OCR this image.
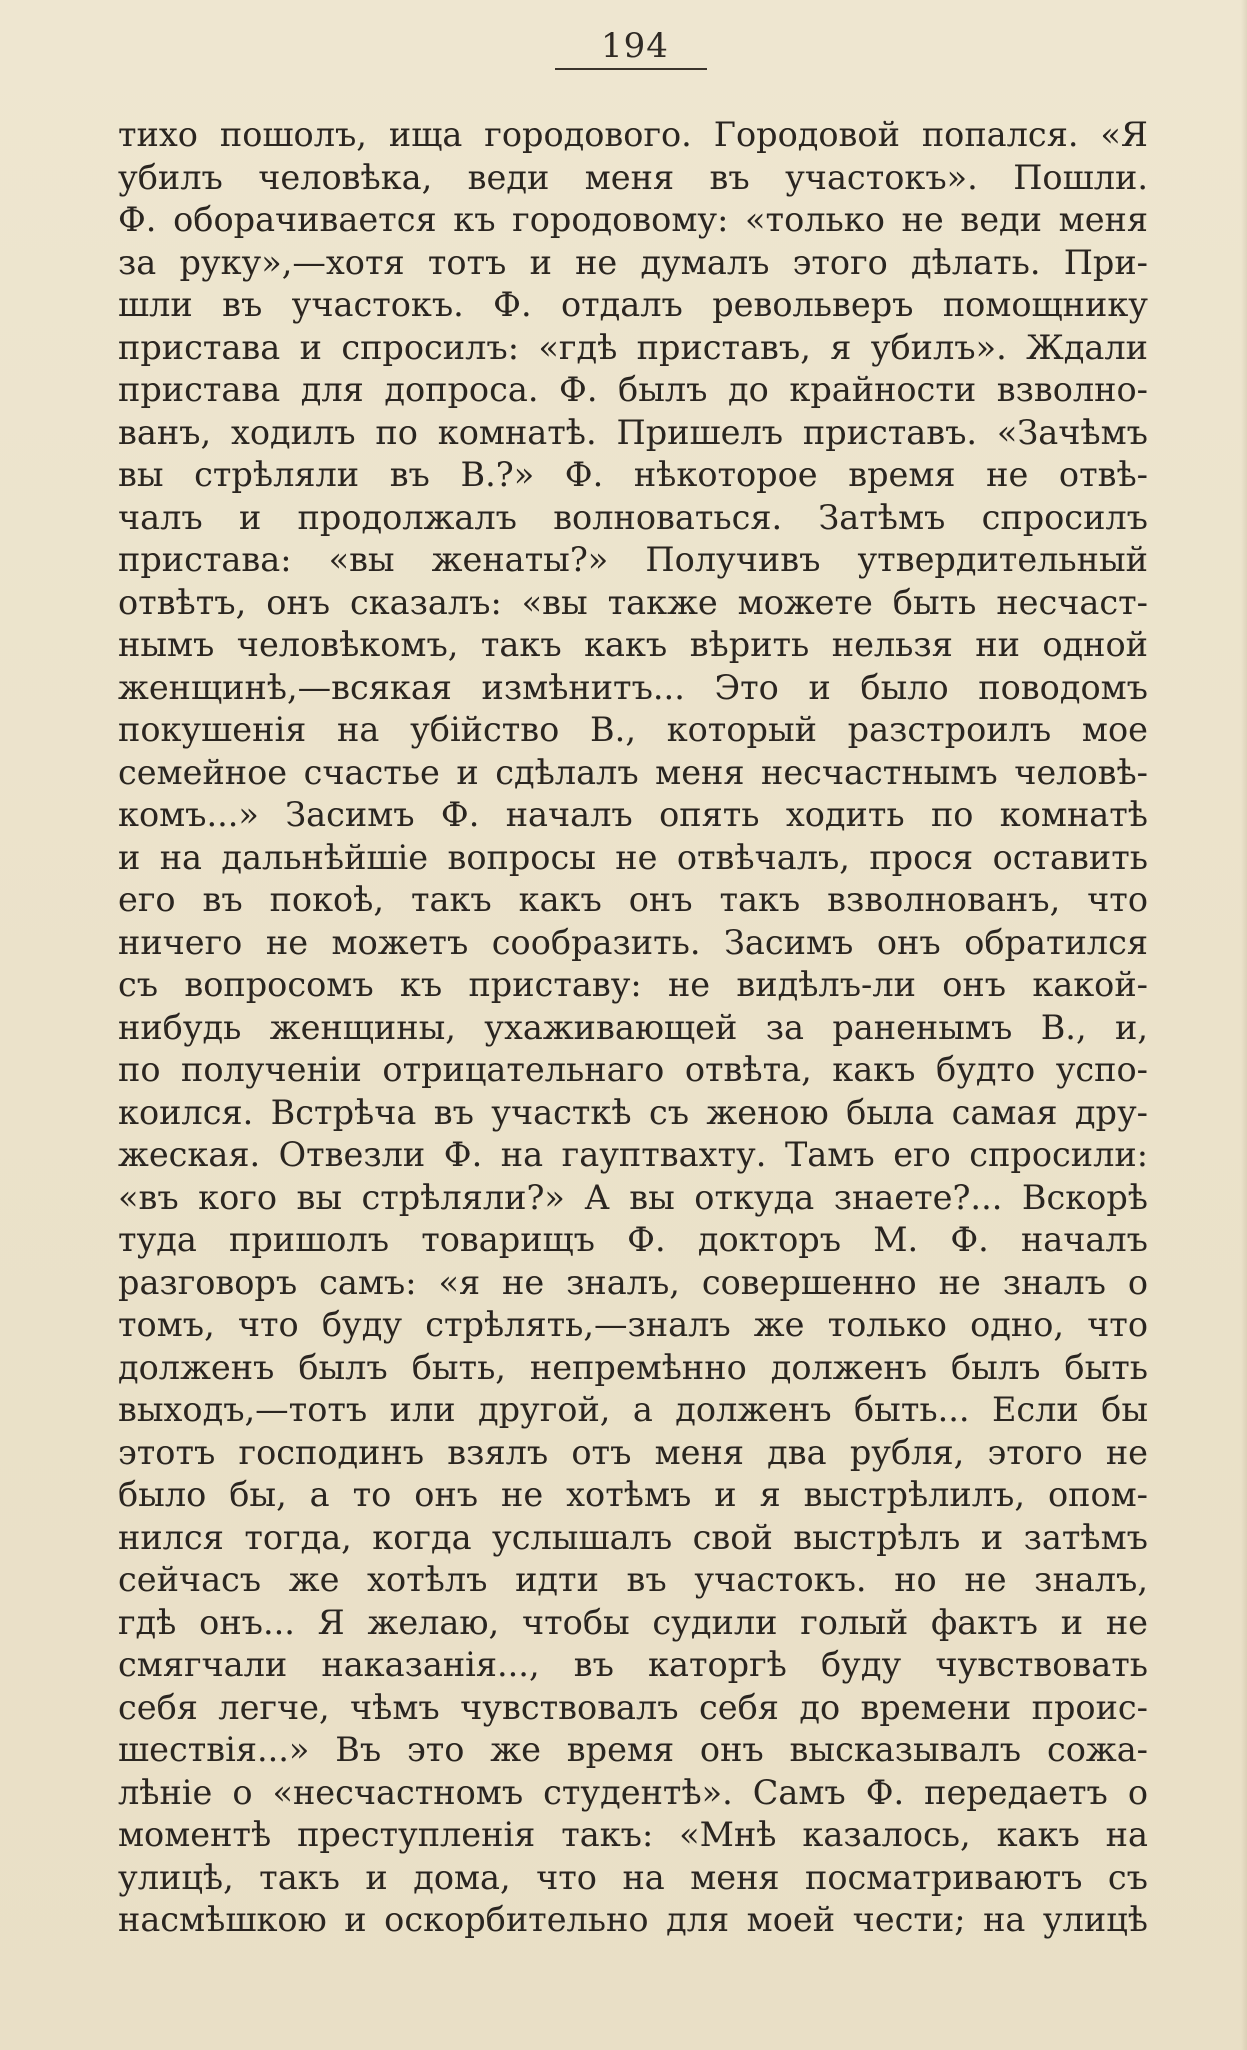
194
тихо пошолъ, ища городового. Городовой попался. «Я
убилъ человѣка, веди меня въ участокъ». Пошли.
Ф. оборачивается къ городовому: «только не веди меня
за руку»,—хотя тотъ и не думалъ этого дѣлать. При-
шли въ участокъ. Ф. отдалъ револьверъ помощнику
пристава и спросилъ: «гдѣ приставъ, я убилъ». Ждали
пристава для допроса. Ф. былъ до крайности взволно-
ванъ, ходилъ по комнатѣ. Пришелъ приставъ. «Зачѣмъ
вы стрѣляли въ В.?» Ф. нѣкоторое время не отвѣ-
чалъ и продолжалъ волноваться. Затѣмъ спросилъ
пристава: «вы женаты?» Получивъ утвердительный
отвѣтъ, онъ сказалъ: «вы также можете быть несчаст-
нымъ человѣкомъ, такъ какъ вѣрить нельзя ни одной
женщинѣ,—всякая измѣнитъ... Это и было поводомъ
покушенія на убійство В., который разстроилъ мое
семейное счастье и сдѣлалъ меня несчастнымъ человѣ-
комъ...» Засимъ Ф. началъ опять ходить по комнатѣ
и на дальнѣйшіе вопросы не отвѣчалъ, прося оставить
его въ покоѣ, такъ какъ онъ такъ взволнованъ, что
ничего не можетъ сообразить. Засимъ онъ обратился
съ вопросомъ къ приставу: не видѣлъ-ли онъ какой-
нибудь женщины, ухаживающей за раненымъ В., и,
по полученіи отрицательнаго отвѣта, какъ будто успо-
коился. Встрѣча въ участкѣ съ женою была самая дру-
жеская. Отвезли Ф. на гауптвахту. Тамъ его спросили:
«въ кого вы стрѣляли?» А вы откуда знаете?... Вскорѣ
туда пришолъ товарищъ Ф. докторъ М. Ф. началъ
разговоръ самъ: «я не зналъ, совершенно не зналъ о
томъ, что буду стрѣлять,—зналъ же только одно, что
долженъ былъ быть, непремѣнно долженъ былъ быть
выходъ,—тотъ или другой, а долженъ быть... Если бы
этотъ господинъ взялъ отъ меня два рубля, этого не
было бы, а то онъ не хотѣмъ и я выстрѣлилъ, опом-
нился тогда, когда услышалъ свой выстрѣлъ и затѣмъ
сейчасъ же хотѣлъ идти въ участокъ. но не зналъ,
гдѣ онъ... Я желаю, чтобы судили голый фактъ и не
смягчали наказанія..., въ каторгѣ буду чувствовать
себя легче, чѣмъ чувствовалъ себя до времени проис-
шествія...» Въ это же время онъ высказывалъ сожа-
лѣніе о «несчастномъ студентѣ». Самъ Ф. передаетъ о
моментѣ преступленія такъ: «Мнѣ казалось, какъ на
улицѣ, такъ и дома, что на меня посматриваютъ съ
насмѣшкою и оскорбительно для моей чести; на улицѣ
